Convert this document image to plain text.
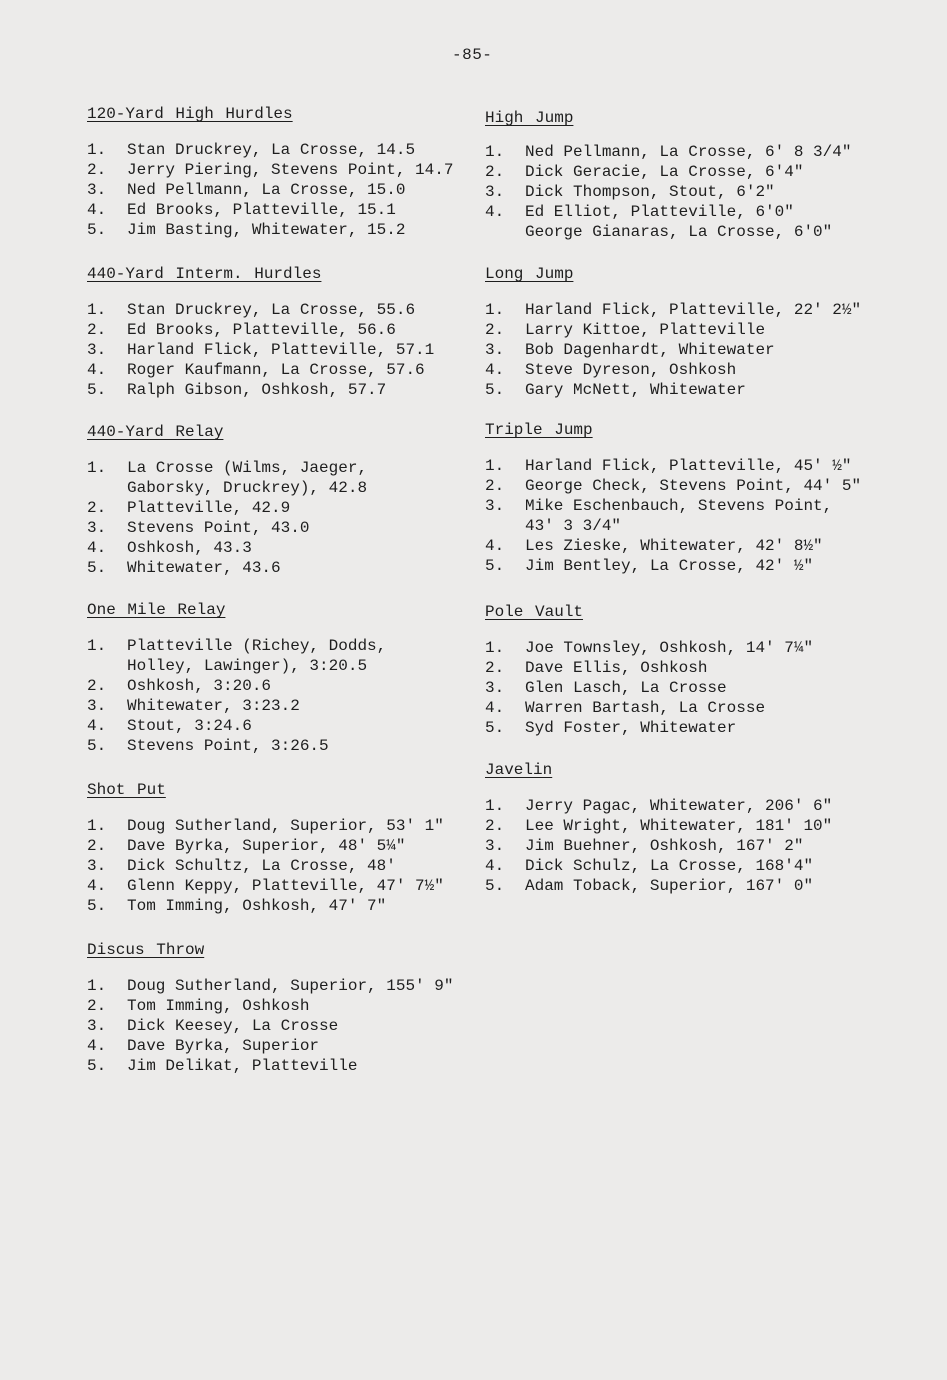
-85-
120-Yard High Hurdles
1.	Stan Druckrey, La Crosse, 14.5
2.	Jerry Piering, Stevens Point, 14.7
3.	Ned Pellmann, La Crosse, 15.0
4.	Ed Brooks, Platteville, 15.1
5.	Jim Basting, Whitewater, 15.2
440-Yard Interm. Hurdles
1.	Stan Druckrey, La Crosse, 55.6
2.	Ed Brooks, Platteville, 56.6
3.	Harland Flick, Platteville, 57.1
4.	Roger Kaufmann, La Crosse, 57.6
5.	Ralph Gibson, Oshkosh, 57.7
440-Yard Relay
1.	La Crosse (Wilms, Jaeger,
Gaborsky, Druckrey), 42.8
2.	Platteville, 42.9
3.	Stevens Point, 43.0
4.	Oshkosh, 43.3
5.	Whitewater, 43.6
One Mile Relay
1.	Platteville (Richey, Dodds,
Holley, Lawinger), 3:20.5
2.	Oshkosh, 3:20.6
3.	Whitewater, 3:23.2
4.	Stout, 3:24.6
5.	Stevens Point, 3:26.5
Shot Put
1.	Doug Sutherland, Superior, 53' 1"
2.	Dave Byrka, Superior, 48' 5¼"
3.	Dick Schultz, La Crosse, 48'
4.	Glenn Keppy, Platteville, 47' 7½"
5.	Tom Imming, Oshkosh, 47' 7"
Discus Throw
1.	Doug Sutherland, Superior, 155' 9"
2.	Tom Imming, Oshkosh
3.	Dick Keesey, La Crosse
4.	Dave Byrka, Superior
5.	Jim Delikat, Platteville
High Jump
1.	Ned Pellmann, La Crosse, 6' 8 3/4"
2.	Dick Geracie, La Crosse, 6'4"
3.	Dick Thompson, Stout, 6'2"
4.	Ed Elliot, Platteville, 6'0"
George Gianaras, La Crosse, 6'0"
Long Jump
1.	Harland Flick, Platteville, 22' 2½"
2.	Larry Kittoe, Platteville
3.	Bob Dagenhardt, Whitewater
4.	Steve Dyreson, Oshkosh
5.	Gary McNett, Whitewater
Triple Jump
1.	Harland Flick, Platteville, 45' ½"
2.	George Check, Stevens Point, 44' 5"
3.	Mike Eschenbauch, Stevens Point,
43' 3 3/4"
4.	Les Zieske, Whitewater, 42' 8½"
5.	Jim Bentley, La Crosse, 42' ½"
Pole Vault
1.	Joe Townsley, Oshkosh, 14' 7¼"
2.	Dave Ellis, Oshkosh
3.	Glen Lasch, La Crosse
4.	Warren Bartash, La Crosse
5.	Syd Foster, Whitewater
Javelin
1.	Jerry Pagac, Whitewater, 206' 6"
2.	Lee Wright, Whitewater, 181' 10"
3.	Jim Buehner, Oshkosh, 167' 2"
4.	Dick Schulz, La Crosse, 168'4"
5.	Adam Toback, Superior, 167' 0"
